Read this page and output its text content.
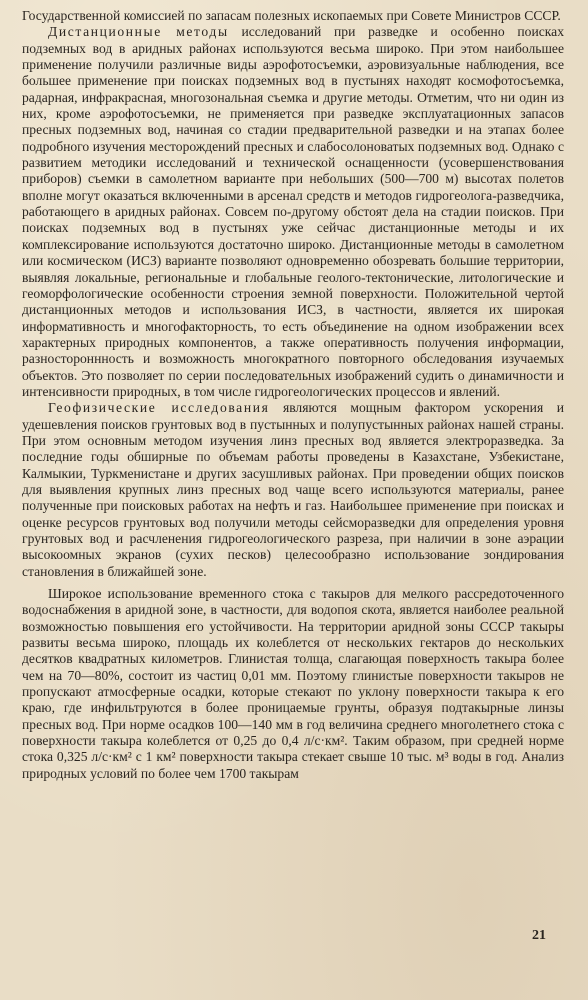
Государственной комиссией по запасам полезных ископаемых при Совете Министров СССР.

Дистанционные методы исследований при разведке и особенно поисках подземных вод в аридных районах используются весьма широко. При этом наибольшее применение получили различные виды аэрофотосъемки, аэровизуальные наблюдения, все большее применение при поисках подземных вод в пустынях находят космофотосъемка, радарная, инфракрасная, многозональная съемка и другие методы. Отметим, что ни один из них, кроме аэрофотосъемки, не применяется при разведке эксплуатационных запасов пресных подземных вод, начиная со стадии предварительной разведки и на этапах более подробного изучения месторождений пресных и слабосолоноватых подземных вод. Однако с развитием методики исследований и технической оснащенности (усовершенствования приборов) съемки в самолетном варианте при небольших (500—700 м) высотах полетов вполне могут оказаться включенными в арсенал средств и методов гидрогеолога-разведчика, работающего в аридных районах. Совсем по-другому обстоят дела на стадии поисков. При поисках подземных вод в пустынях уже сейчас дистанционные методы и их комплексирование используются достаточно широко. Дистанционные методы в самолетном или космическом (ИСЗ) варианте позволяют одновременно обозревать большие территории, выявляя локальные, региональные и глобальные геолого-тектонические, литологические и геоморфологические особенности строения земной поверхности. Положительной чертой дистанционных методов и использования ИСЗ, в частности, является их широкая информативность и многофакторность, то есть объединение на одном изображении всех характерных природных компонентов, а также оперативность получения информации, разностороннность и возможность многократного повторного обследования изучаемых объектов. Это позволяет по серии последовательных изображений судить о динамичности и интенсивности природных, в том числе гидрогеологических процессов и явлений.

Геофизические исследования являются мощным фактором ускорения и удешевления поисков грунтовых вод в пустынных и полупустынных районах нашей страны. При этом основным методом изучения линз пресных вод является электроразведка. За последние годы обширные по объемам работы проведены в Казахстане, Узбекистане, Калмыкии, Туркменистане и других засушливых районах. При проведении общих поисков для выявления крупных линз пресных вод чаще всего используются материалы, ранее полученные при поисковых работах на нефть и газ. Наибольшее применение при поисках и оценке ресурсов грунтовых вод получили методы сейсморазведки для определения уровня грунтовых вод и расчленения гидрогеологического разреза, при наличии в зоне аэрации высокоомных экранов (сухих песков) целесообразно использование зондирования становления в ближайшей зоне.

Широкое использование временного стока с такыров для мелкого рассредоточенного водоснабжения в аридной зоне, в частности, для водопоя скота, является наиболее реальной возможностью повышения его устойчивости. На территории аридной зоны СССР такыры развиты весьма широко, площадь их колеблется от нескольких гектаров до нескольких десятков квадратных километров. Глинистая толща, слагающая поверхность такыра более чем на 70—80%, состоит из частиц 0,01 мм. Поэтому глинистые поверхности такыров не пропускают атмосферные осадки, которые стекают по уклону поверхности такыра к его краю, где инфильтруются в более проницаемые грунты, образуя подтакырные линзы пресных вод. При норме осадков 100—140 мм в год величина среднего многолетнего стока с поверхности такыра колеблется от 0,25 до 0,4 л/с·км². Таким образом, при средней норме стока 0,325 л/с·км² с 1 км² поверхности такыра стекает свыше 10 тыс. м³ воды в год. Анализ природных условий по более чем 1700 такырам

21
